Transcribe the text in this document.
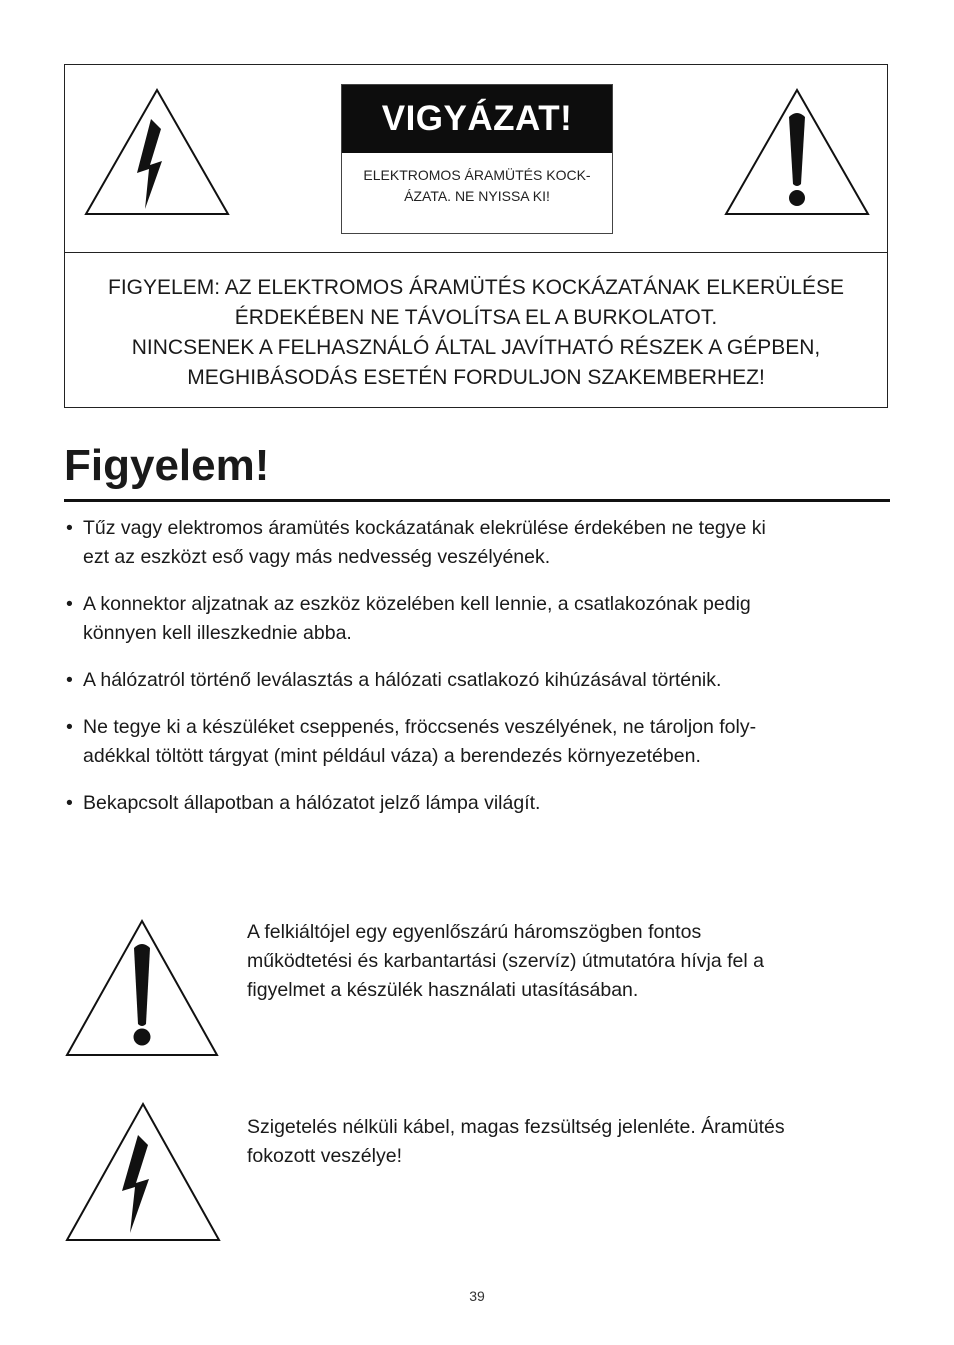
VIGYÁZAT!
ELEKTROMOS ÁRAMÜTÉS KOCK-
ÁZATA. NE NYISSA KI!
FIGYELEM: AZ ELEKTROMOS ÁRAMÜTÉS KOCKÁZATÁNAK ELKERÜLÉSE
ÉRDEKÉBEN NE TÁVOLÍTSA EL A BURKOLATOT.
NINCSENEK A FELHASZNÁLÓ ÁLTAL JAVÍTHATÓ RÉSZEK A GÉPBEN,
MEGHIBÁSODÁS ESETÉN FORDULJON SZAKEMBERHEZ!
Figyelem!
• Tűz vagy elektromos áramütés kockázatának elekrülése érdekében ne tegye ki
ezt az eszközt eső vagy más nedvesség veszélyének.
• A konnektor aljzatnak az eszköz közelében kell lennie, a csatlakozónak pedig
könnyen kell illeszkednie abba.
• A hálózatról történő leválasztás a hálózati csatlakozó kihúzásával történik.
• Ne tegye ki a készüléket cseppenés, fröccsenés veszélyének, ne tároljon foly-
adékkal töltött tárgyat (mint például váza) a berendezés környezetében.
• Bekapcsolt állapotban a hálózatot jelző lámpa világít.
A felkiáltójel egy egyenlőszárú háromszögben fontos
működtetési és karbantartási (szervíz) útmutatóra hívja fel a
figyelmet a készülék használati utasításában.
Szigetelés nélküli kábel, magas fezsültség jelenléte. Áramütés
fokozott veszélye!
39
